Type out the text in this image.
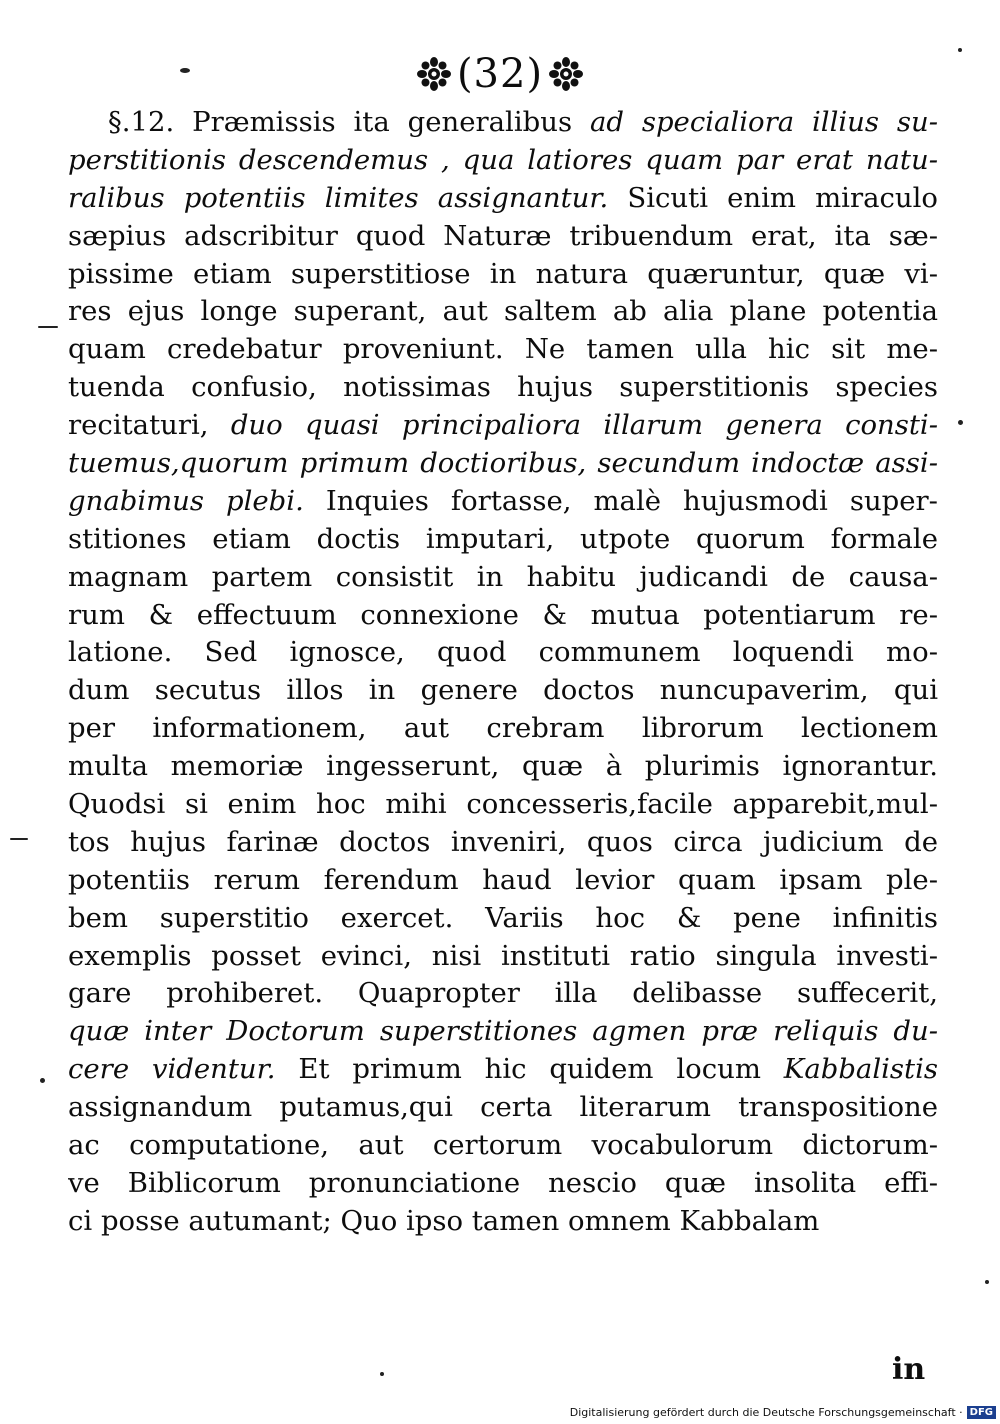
(32)
§.12. Præmissis ita generalibus ad specialiora illius su-
perstitionis descendemus , qua latiores quam par erat natu-
ralibus potentiis limites assignantur. Sicuti enim miraculo
sæpius adscribitur quod Naturæ tribuendum erat, ita sæ-
pissime etiam superstitiose in natura quæruntur, quæ vi-
res ejus longe superant, aut saltem ab alia plane potentia
quam credebatur proveniunt. Ne tamen ulla hic sit me-
tuenda confusio, notissimas hujus superstitionis species
recitaturi, duo quasi principaliora illarum genera consti-
tuemus,quorum primum doctioribus, secundum indoctæ assi-
gnabimus plebi. Inquies fortasse, malè hujusmodi super-
stitiones etiam doctis imputari, utpote quorum formale
magnam partem consistit in habitu judicandi de causa-
rum & effectuum connexione & mutua potentiarum re-
latione. Sed ignosce, quod communem loquendi mo-
dum secutus illos in genere doctos nuncupaverim, qui
per informationem, aut crebram librorum lectionem
multa memoriæ ingesserunt, quæ à plurimis ignorantur.
Quodsi si enim hoc mihi concesseris,facile apparebit,mul-
tos hujus farinæ doctos inveniri, quos circa judicium de
potentiis rerum ferendum haud levior quam ipsam ple-
bem superstitio exercet. Variis hoc & pene infinitis
exemplis posset evinci, nisi instituti ratio singula investi-
gare prohiberet. Quapropter illa delibasse suffecerit,
quæ inter Doctorum superstitiones agmen præ reliquis du-
cere videntur. Et primum hic quidem locum Kabbalistis
assignandum putamus,qui certa literarum transpositione
ac computatione, aut certorum vocabulorum dictorum-
ve Biblicorum pronunciatione nescio quæ insolita effi-
ci posse autumant; Quo ipso tamen omnem Kabbalam
in
Digitalisierung gefördert durch die Deutsche Forschungsgemeinschaft · DFG
